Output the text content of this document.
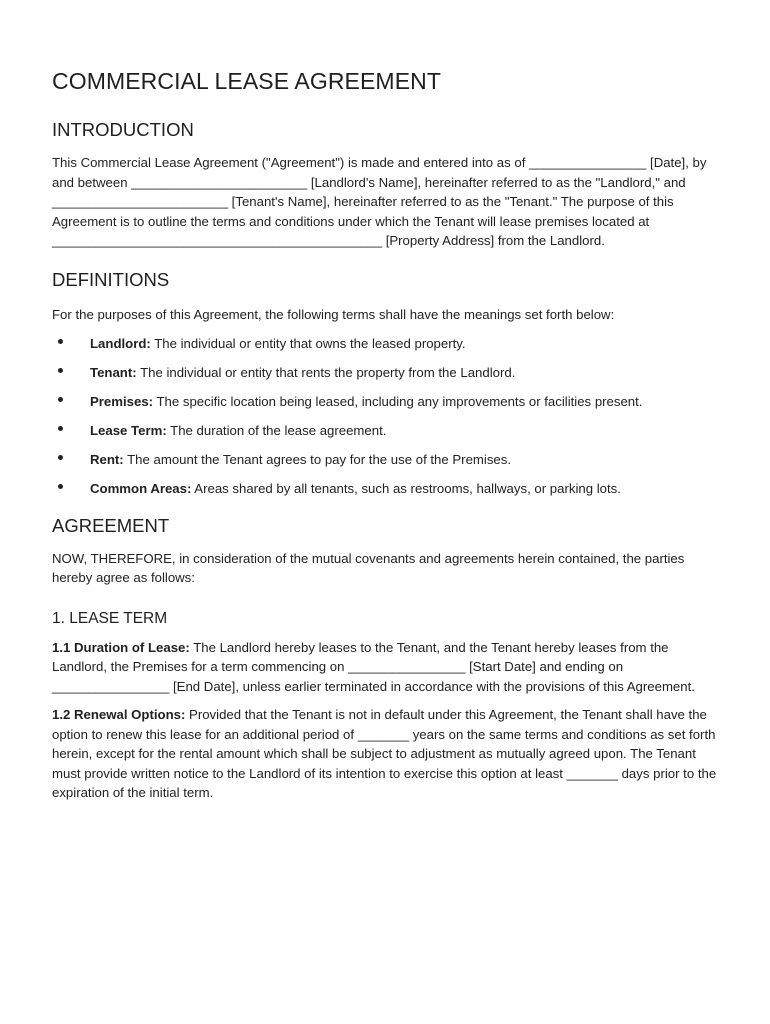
COMMERCIAL LEASE AGREEMENT
INTRODUCTION

This Commercial Lease Agreement ("Agreement") is made and entered into as of ________________ [Date], by and between ________________________ [Landlord's Name], hereinafter referred to as the "Landlord," and ________________________ [Tenant's Name], hereinafter referred to as the "Tenant." The purpose of this Agreement is to outline the terms and conditions under which the Tenant will lease premises located at _____________________________________________ [Property Address] from the Landlord.

DEFINITIONS

For the purposes of this Agreement, the following terms shall have the meanings set forth below:

Landlord: The individual or entity that owns the leased property.
Tenant: The individual or entity that rents the property from the Landlord.
Premises: The specific location being leased, including any improvements or facilities present.
Lease Term: The duration of the lease agreement.
Rent: The amount the Tenant agrees to pay for the use of the Premises.
Common Areas: Areas shared by all tenants, such as restrooms, hallways, or parking lots.
AGREEMENT

NOW, THEREFORE, in consideration of the mutual covenants and agreements herein contained, the parties hereby agree as follows:

1. LEASE TERM

1.1 Duration of Lease: The Landlord hereby leases to the Tenant, and the Tenant hereby leases from the Landlord, the Premises for a term commencing on ________________ [Start Date] and ending on ________________ [End Date], unless earlier terminated in accordance with the provisions of this Agreement.

1.2 Renewal Options: Provided that the Tenant is not in default under this Agreement, the Tenant shall have the option to renew this lease for an additional period of _______ years on the same terms and conditions as set forth herein, except for the rental amount which shall be subject to adjustment as mutually agreed upon. The Tenant must provide written notice to the Landlord of its intention to exercise this option at least _______ days prior to the expiration of the initial term.
